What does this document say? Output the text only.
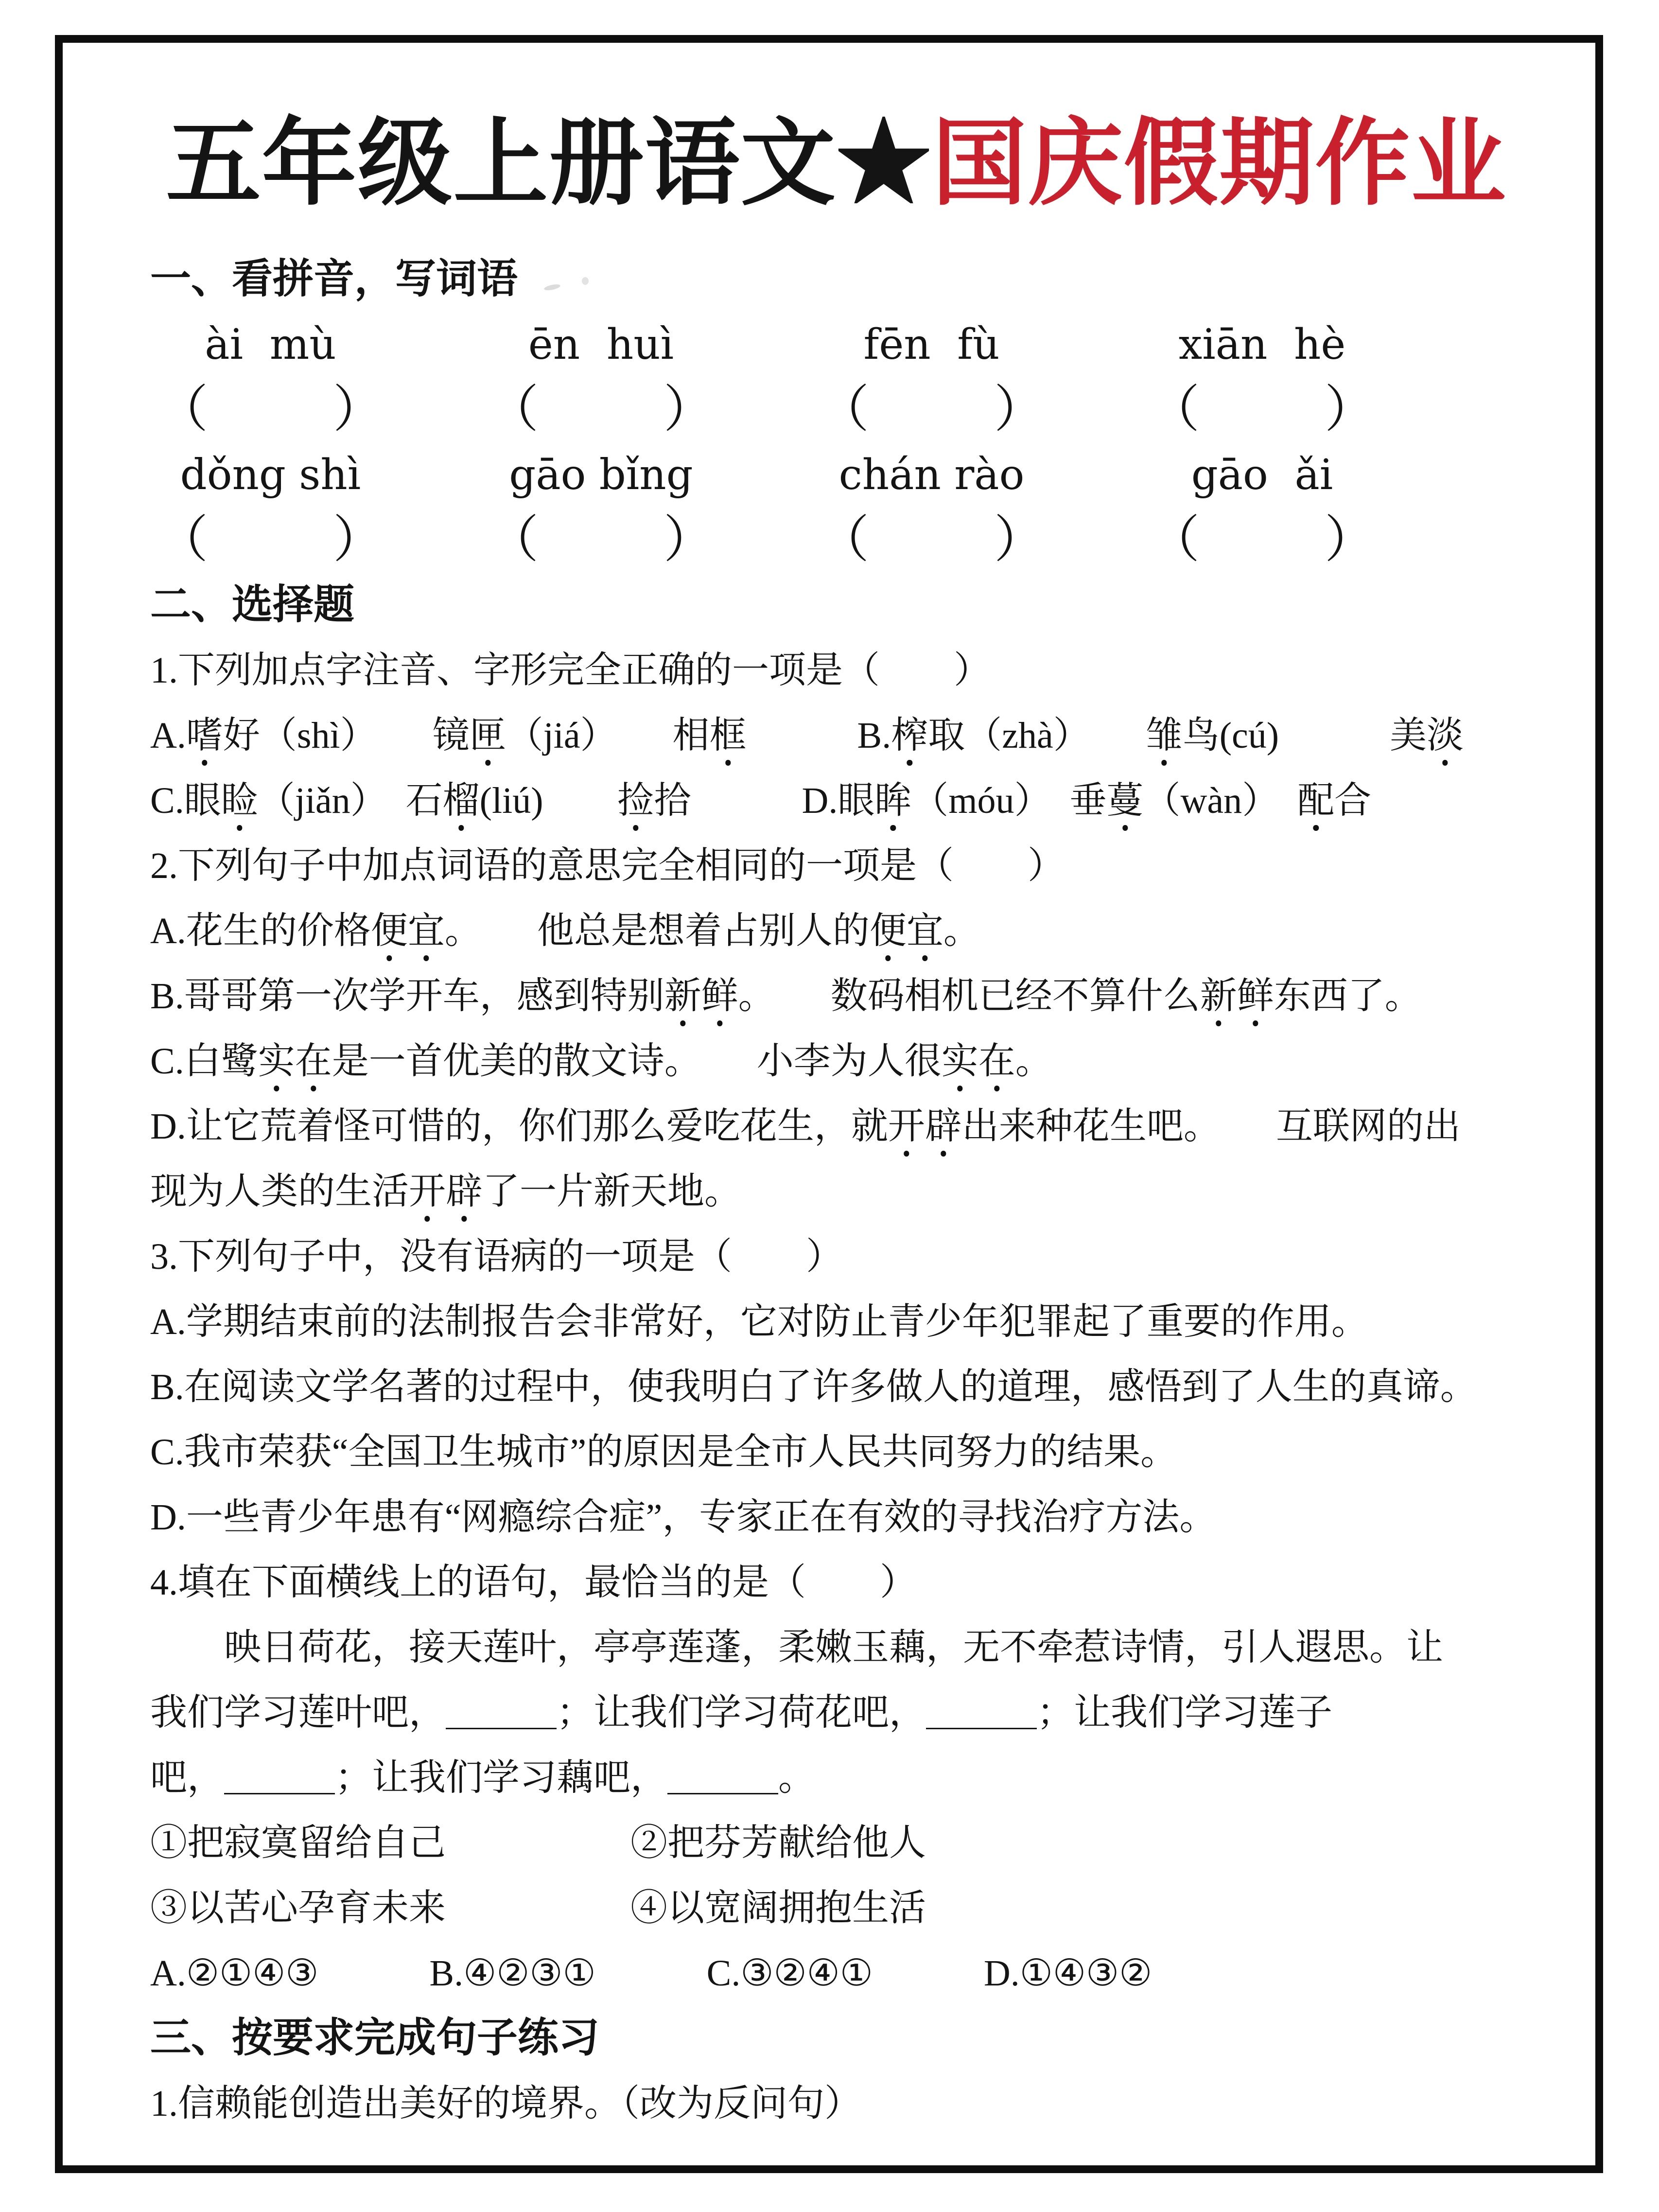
五年级上册语文★国庆假期作业
一、看拼音，写词语
ài  mù	ēn  huì	fēn  fù	xiān  hè
（ ） （ ） （ ） （ ）
dǒng shì	gāo bǐng	chán rào	gāo  ǎi
（ ） （ ） （ ） （ ）
二、选择题

1.下列加点字注音、字形完全正确的一项是（　　）

A.嗜好（shì）　　镜匣（jiá）　　相框　　　B.榨取（zhà）　　雏鸟(cú)　　　美淡

C.眼睑（jiǎn）　石榴(liú)　　捡拾　　　D.眼眸（móu）　垂蔓（wàn）　配合

2.下列句子中加点词语的意思完全相同的一项是（　　）

A.花生的价格便宜。　　他总是想着占别人的便宜。

B.哥哥第一次学开车，感到特别新鲜。　　数码相机已经不算什么新鲜东西了。

C.白鹭实在是一首优美的散文诗。　　小李为人很实在。

D.让它荒着怪可惜的，你们那么爱吃花生，就开辟出来种花生吧。　　互联网的出

现为人类的生活开辟了一片新天地。

3.下列句子中，没有语病的一项是（　　）

A.学期结束前的法制报告会非常好，它对防止青少年犯罪起了重要的作用。

B.在阅读文学名著的过程中，使我明白了许多做人的道理，感悟到了人生的真谛。

C.我市荣获“全国卫生城市”的原因是全市人民共同努力的结果。

D.一些青少年患有“网瘾综合症”，专家正在有效的寻找治疗方法。

4.填在下面横线上的语句，最恰当的是（　　）

　　映日荷花，接天莲叶，亭亭莲蓬，柔嫩玉藕，无不牵惹诗情，引人遐思。让

我们学习莲叶吧，＿＿＿；让我们学习荷花吧，＿＿＿；让我们学习莲子

吧，＿＿＿；让我们学习藕吧，＿＿＿。

①把寂寞留给自己　　　　　②把芬芳献给他人

③以苦心孕育未来　　　　　④以宽阔拥抱生活

A.②①④③　　　B.④②③①　　　C.③②④①　　　D.①④③②

三、按要求完成句子练习

1.信赖能创造出美好的境界。（改为反问句）
